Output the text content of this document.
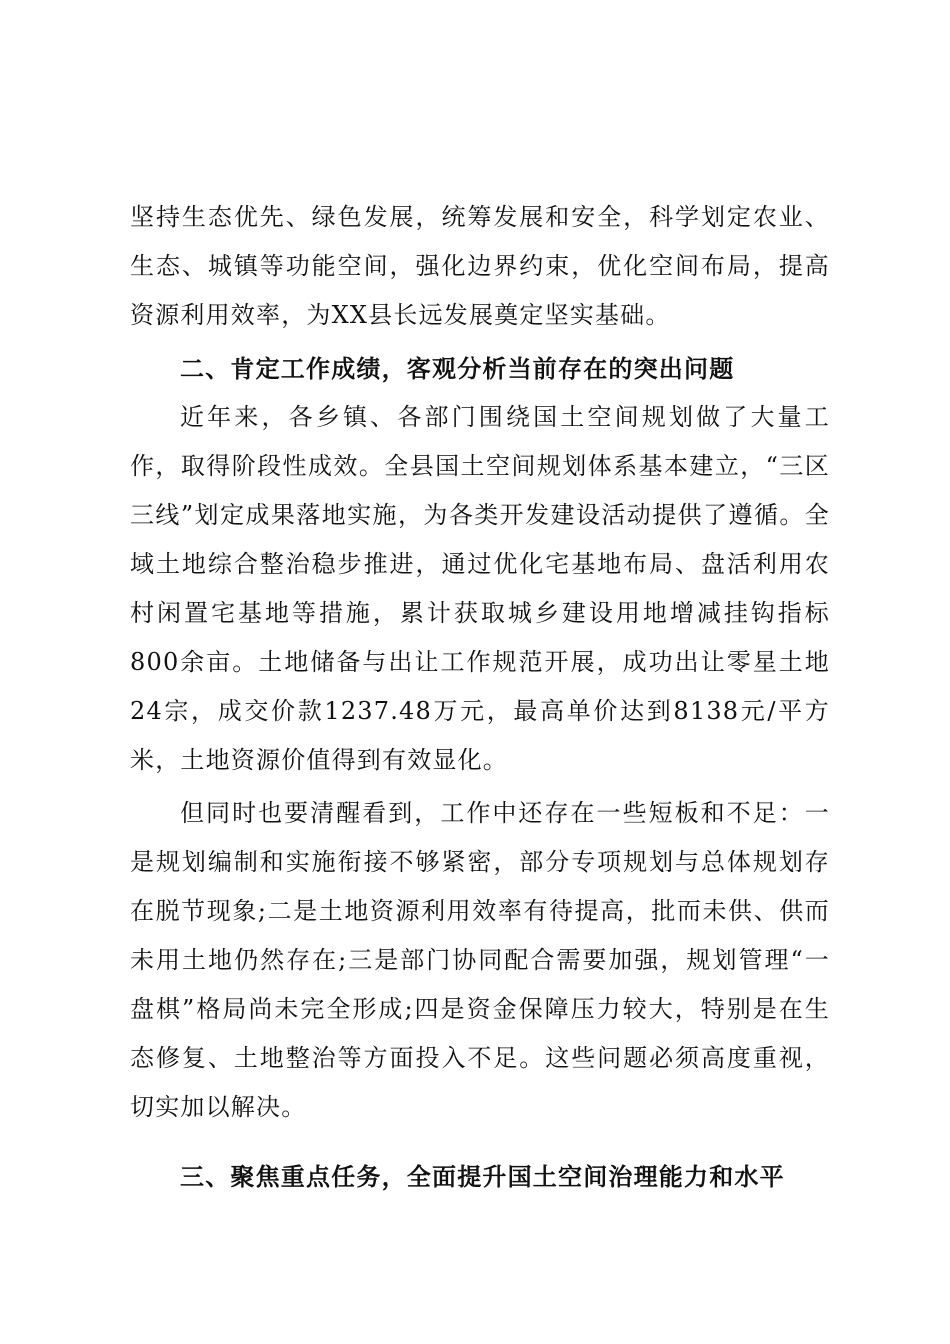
坚持生态优先、绿色发展，统筹发展和安全，科学划定农业、生态、城镇等功能空间，强化边界约束，优化空间布局，提高资源利用效率，为XX县长远发展奠定坚实基础。

二、肯定工作成绩，客观分析当前存在的突出问题

近年来，各乡镇、各部门围绕国土空间规划做了大量工作，取得阶段性成效。全县国土空间规划体系基本建立，“三区三线”划定成果落地实施，为各类开发建设活动提供了遵循。全域土地综合整治稳步推进，通过优化宅基地布局、盘活利用农村闲置宅基地等措施，累计获取城乡建设用地增减挂钩指标800余亩。土地储备与出让工作规范开展，成功出让零星土地24宗，成交价款1237.48万元，最高单价达到8138元/平方米，土地资源价值得到有效显化。

但同时也要清醒看到，工作中还存在一些短板和不足：一是规划编制和实施衔接不够紧密，部分专项规划与总体规划存在脱节现象;二是土地资源利用效率有待提高，批而未供、供而未用土地仍然存在;三是部门协同配合需要加强，规划管理“一盘棋”格局尚未完全形成;四是资金保障压力较大，特别是在生态修复、土地整治等方面投入不足。这些问题必须高度重视，切实加以解决。

三、聚焦重点任务，全面提升国土空间治理能力和水平
